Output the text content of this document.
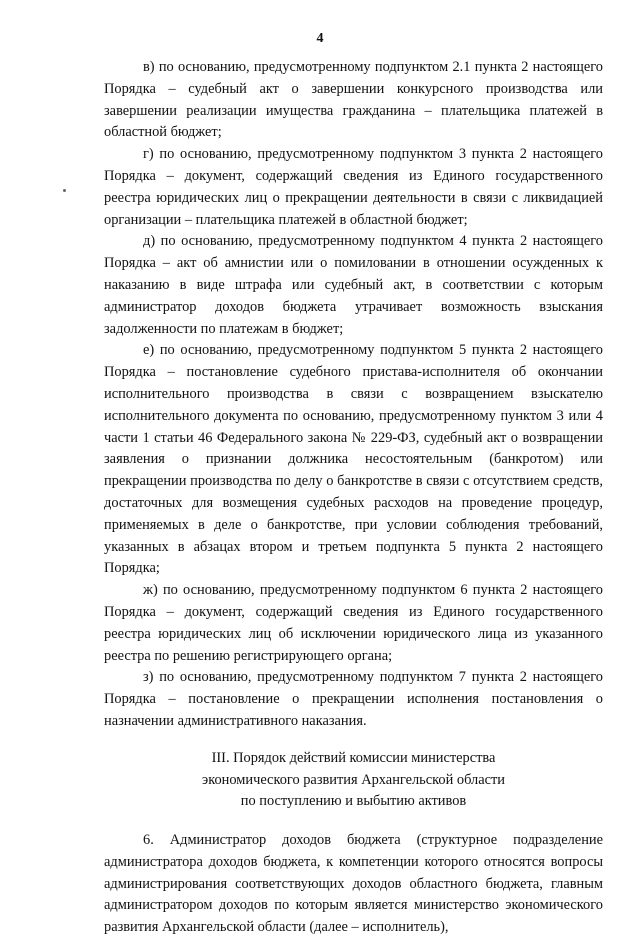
4

в) по основанию, предусмотренному подпунктом 2.1 пункта 2 настоящего Порядка – судебный акт о завершении конкурсного производства или завершении реализации имущества гражданина – плательщика платежей в областной бюджет;

г) по основанию, предусмотренному подпунктом 3 пункта 2 настоящего Порядка – документ, содержащий сведения из Единого государственного реестра юридических лиц о прекращении деятельности в связи с ликвидацией организации – плательщика платежей в областной бюджет;

д) по основанию, предусмотренному подпунктом 4 пункта 2 настоящего Порядка – акт об амнистии или о помиловании в отношении осужденных к наказанию в виде штрафа или судебный акт, в соответствии с которым администратор доходов бюджета утрачивает возможность взыскания задолженности по платежам в бюджет;

е) по основанию, предусмотренному подпунктом 5 пункта 2 настоящего Порядка – постановление судебного пристава-исполнителя об окончании исполнительного производства в связи с возвращением взыскателю исполнительного документа по основанию, предусмотренному пунктом 3 или 4 части 1 статьи 46 Федерального закона № 229-ФЗ, судебный акт о возвращении заявления о признании должника несостоятельным (банкротом) или прекращении производства по делу о банкротстве в связи с отсутствием средств, достаточных для возмещения судебных расходов на проведение процедур, применяемых в деле о банкротстве, при условии соблюдения требований, указанных в абзацах втором и третьем подпункта 5 пункта 2 настоящего Порядка;

ж) по основанию, предусмотренному подпунктом 6 пункта 2 настоящего Порядка – документ, содержащий сведения из Единого государственного реестра юридических лиц об исключении юридического лица из указанного реестра по решению регистрирующего органа;

з) по основанию, предусмотренному подпунктом 7 пункта 2 настоящего Порядка – постановление о прекращении исполнения постановления о назначении административного наказания.

III. Порядок действий комиссии министерства
экономического развития Архангельской области
по поступлению и выбытию активов

6. Администратор доходов бюджета (структурное подразделение администратора доходов бюджета, к компетенции которого относятся вопросы администрирования соответствующих доходов областного бюджета, главным администратором доходов по которым является министерство экономического развития Архангельской области (далее – исполнитель),
